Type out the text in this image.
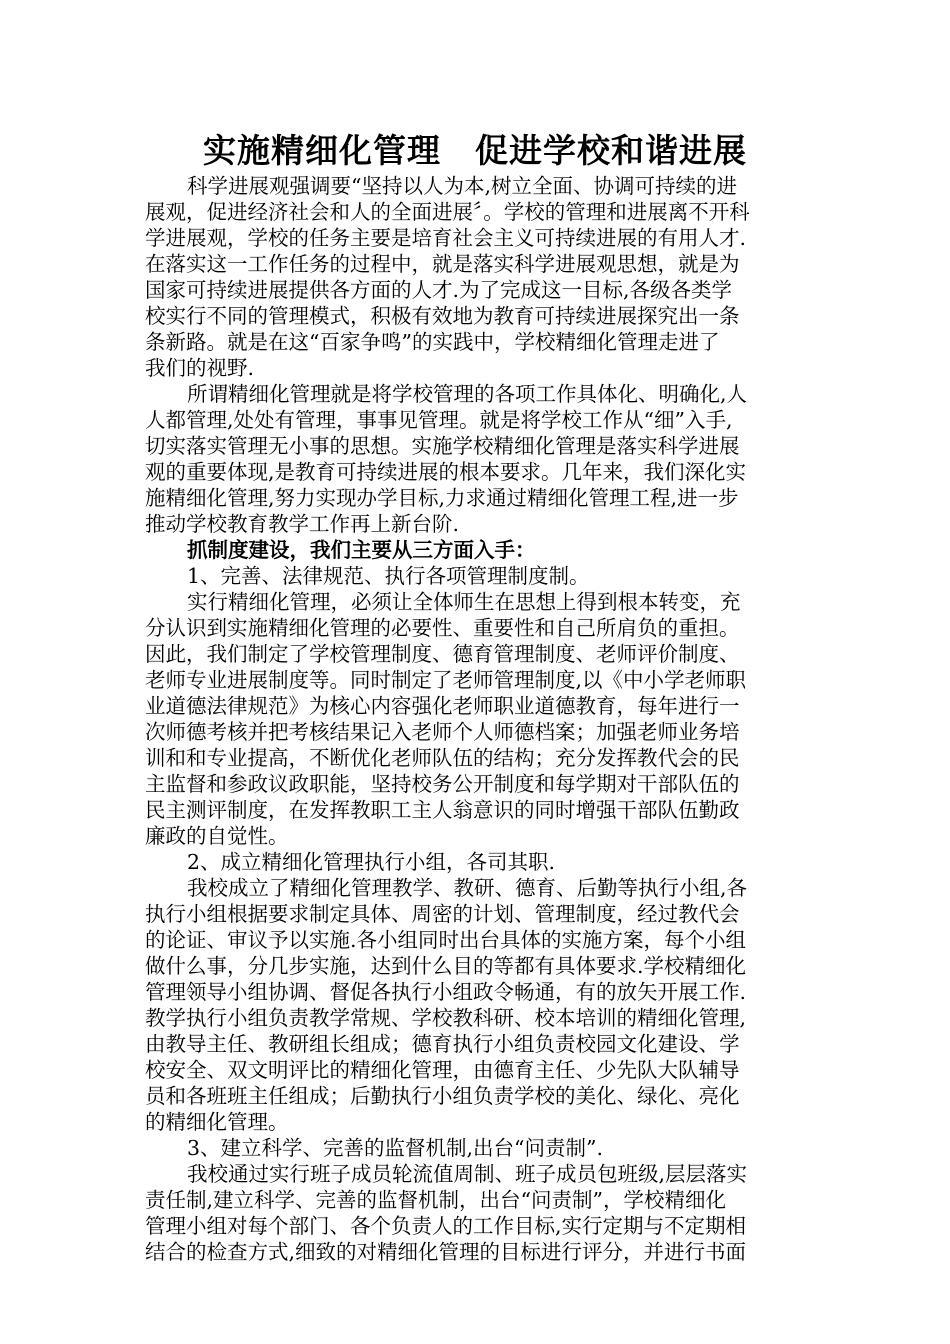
实施精细化管理　促进学校和谐进展
科学进展观强调要“坚持以人为本,树立全面、协调可持续的进
展观，促进经济社会和人的全面进展〞。学校的管理和进展离不开科
学进展观，学校的任务主要是培育社会主义可持续进展的有用人才.
在落实这一工作任务的过程中，就是落实科学进展观思想，就是为
国家可持续进展提供各方面的人才.为了完成这一目标,各级各类学
校实行不同的管理模式，积极有效地为教育可持续进展探究出一条
条新路。就是在这“百家争鸣”的实践中，学校精细化管理走进了
我们的视野.
所谓精细化管理就是将学校管理的各项工作具体化、明确化,人
人都管理,处处有管理，事事见管理。就是将学校工作从“细”入手,
切实落实管理无小事的思想。实施学校精细化管理是落实科学进展
观的重要体现,是教育可持续进展的根本要求。几年来，我们深化实
施精细化管理,努力实现办学目标,力求通过精细化管理工程,进一步
推动学校教育教学工作再上新台阶.
抓制度建设，我们主要从三方面入手：
1、完善、法律规范、执行各项管理制度制。
实行精细化管理，必须让全体师生在思想上得到根本转变，充
分认识到实施精细化管理的必要性、重要性和自己所肩负的重担。
因此，我们制定了学校管理制度、德育管理制度、老师评价制度、
老师专业进展制度等。同时制定了老师管理制度,以《中小学老师职
业道德法律规范》为核心内容强化老师职业道德教育，每年进行一
次师德考核并把考核结果记入老师个人师德档案；加强老师业务培
训和和专业提高，不断优化老师队伍的结构；充分发挥教代会的民
主监督和参政议政职能，坚持校务公开制度和每学期对干部队伍的
民主测评制度，在发挥教职工主人翁意识的同时增强干部队伍勤政
廉政的自觉性。
2、成立精细化管理执行小组，各司其职.
我校成立了精细化管理教学、教研、德育、后勤等执行小组,各
执行小组根据要求制定具体、周密的计划、管理制度，经过教代会
的论证、审议予以实施.各小组同时出台具体的实施方案，每个小组
做什么事，分几步实施，达到什么目的等都有具体要求.学校精细化
管理领导小组协调、督促各执行小组政令畅通，有的放矢开展工作.
教学执行小组负责教学常规、学校教科研、校本培训的精细化管理,
由教导主任、教研组长组成；德育执行小组负责校园文化建设、学
校安全、双文明评比的精细化管理，由德育主任、少先队大队辅导
员和各班班主任组成；后勤执行小组负责学校的美化、绿化、亮化
的精细化管理。
3、建立科学、完善的监督机制,出台“问责制”.
我校通过实行班子成员轮流值周制、班子成员包班级,层层落实
责任制,建立科学、完善的监督机制，出台“问责制”，学校精细化
管理小组对每个部门、各个负责人的工作目标,实行定期与不定期相
结合的检查方式,细致的对精细化管理的目标进行评分，并进行书面
